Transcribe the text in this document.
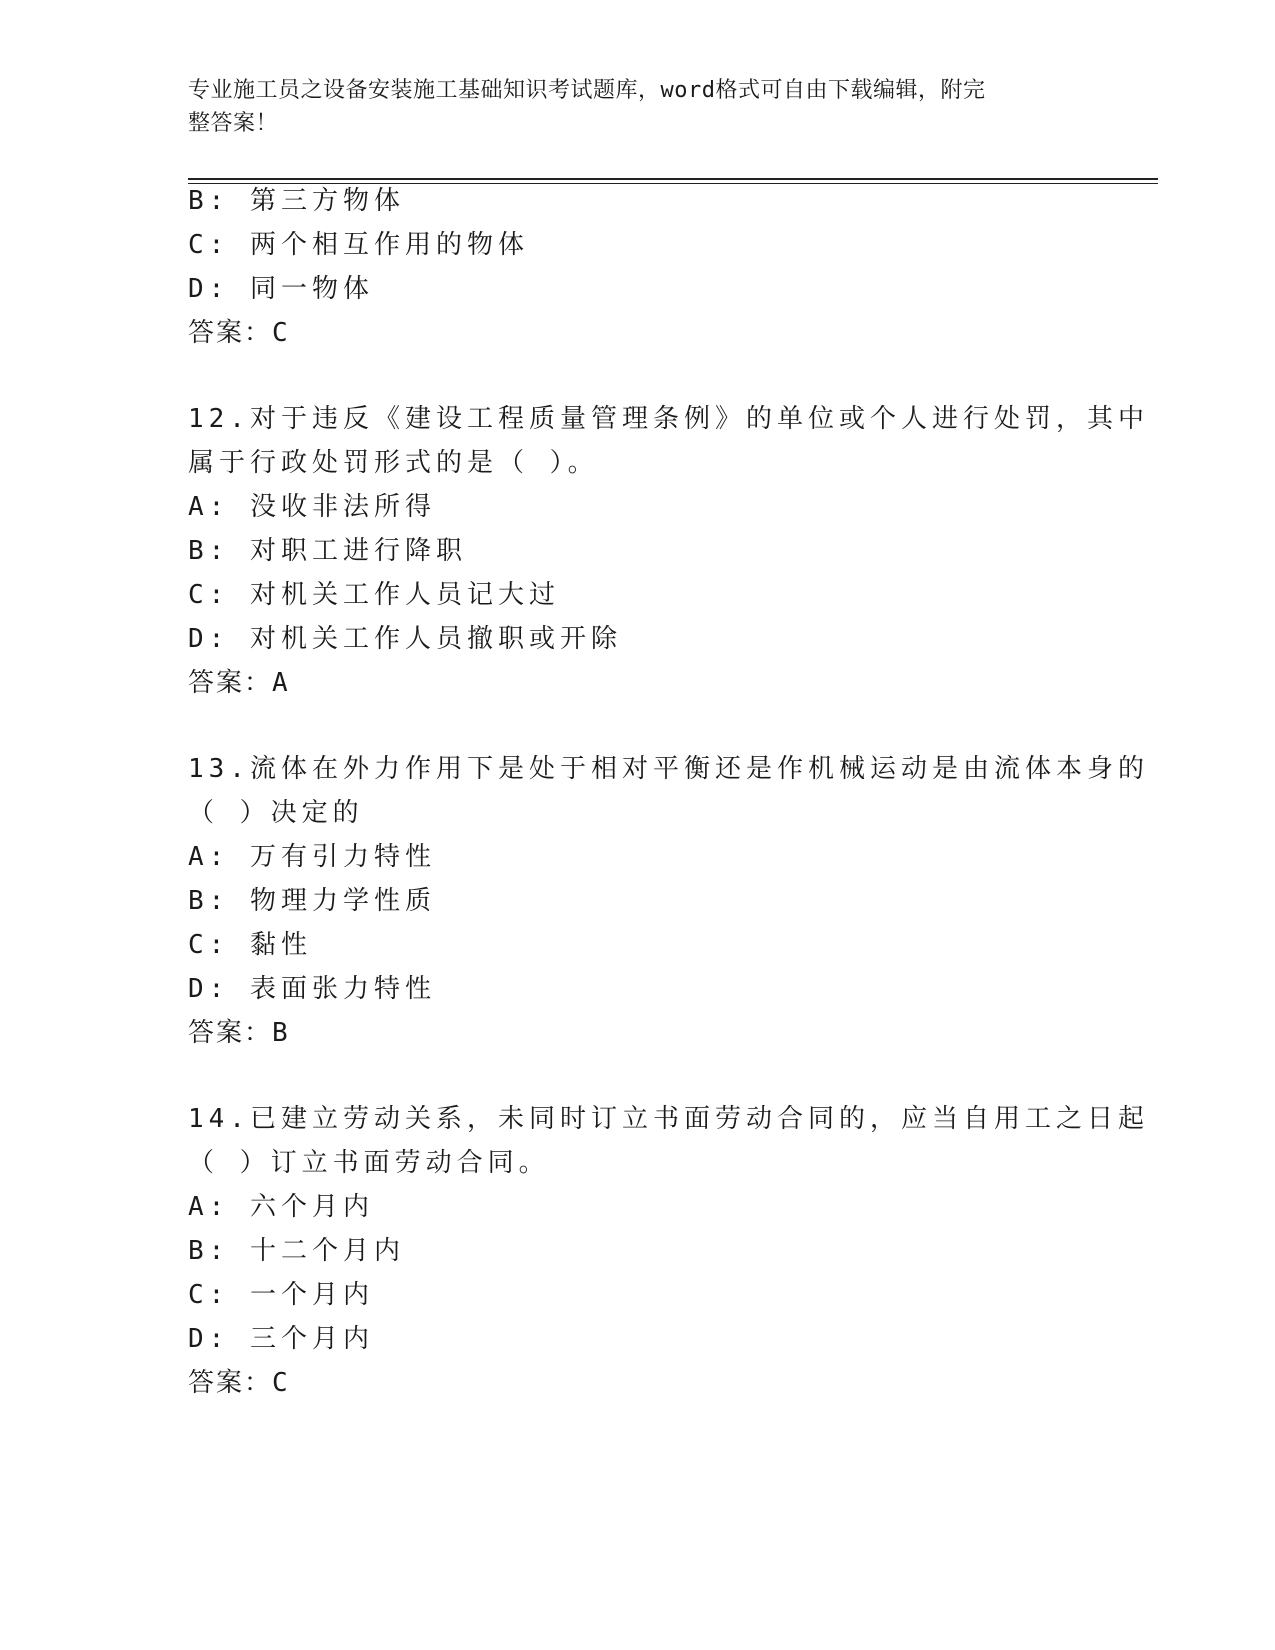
专业施工员之设备安装施工基础知识考试题库，word格式可自由下载编辑，附完
整答案！
B: 第三方物体
C: 两个相互作用的物体
D: 同一物体
答案：C
12.对于违反《建设工程质量管理条例》的单位或个人进行处罚，其中
属于行政处罚形式的是（ ）。
A: 没收非法所得
B: 对职工进行降职
C: 对机关工作人员记大过
D: 对机关工作人员撤职或开除
答案：A
13.流体在外力作用下是处于相对平衡还是作机械运动是由流体本身的
（ ）决定的
A: 万有引力特性
B: 物理力学性质
C: 黏性
D: 表面张力特性
答案：B
14.已建立劳动关系，未同时订立书面劳动合同的，应当自用工之日起
（ ）订立书面劳动合同。
A: 六个月内
B: 十二个月内
C: 一个月内
D: 三个月内
答案：C
